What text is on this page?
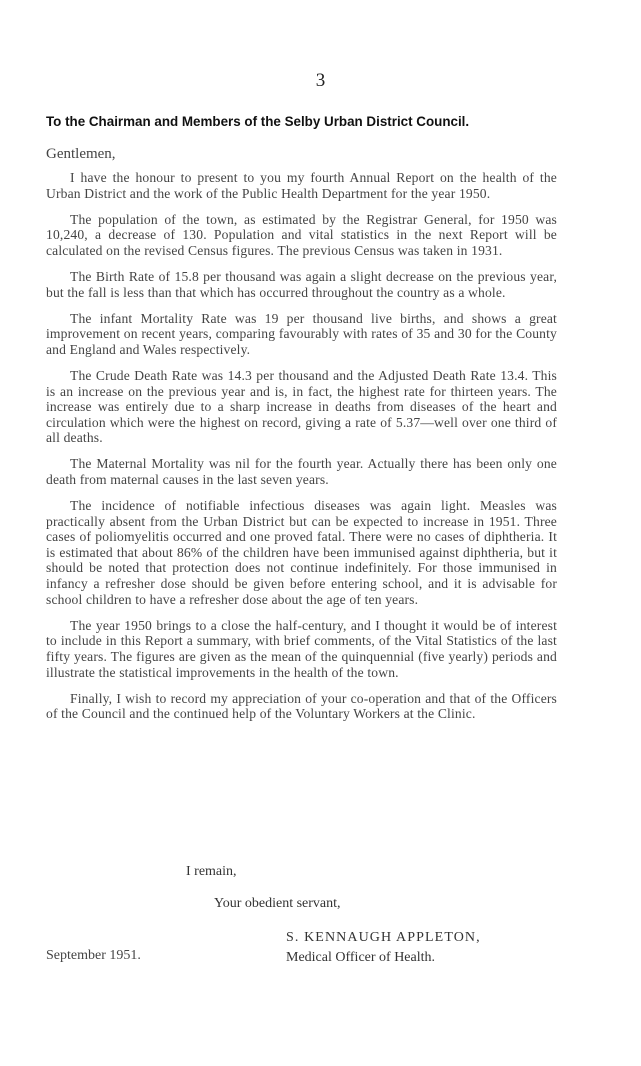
3
To the Chairman and Members of the Selby Urban District Council.
Gentlemen,

I have the honour to present to you my fourth Annual Report on the health of the Urban District and the work of the Public Health Department for the year 1950.

The population of the town, as estimated by the Registrar General, for 1950 was 10,240, a decrease of 130. Population and vital statistics in the next Report will be calculated on the revised Census figures. The previous Census was taken in 1931.

The Birth Rate of 15.8 per thousand was again a slight decrease on the previous year, but the fall is less than that which has occurred throughout the country as a whole.

The infant Mortality Rate was 19 per thousand live births, and shows a great improvement on recent years, comparing favourably with rates of 35 and 30 for the County and England and Wales respectively.

The Crude Death Rate was 14.3 per thousand and the Adjusted Death Rate 13.4. This is an increase on the previous year and is, in fact, the highest rate for thirteen years. The increase was entirely due to a sharp increase in deaths from diseases of the heart and circulation which were the highest on record, giving a rate of 5.37—well over one third of all deaths.

The Maternal Mortality was nil for the fourth year. Actually there has been only one death from maternal causes in the last seven years.

The incidence of notifiable infectious diseases was again light. Measles was practically absent from the Urban District but can be expected to increase in 1951. Three cases of poliomyelitis occurred and one proved fatal. There were no cases of diphtheria. It is estimated that about 86% of the children have been immunised against diphtheria, but it should be noted that protection does not continue indefinitely. For those immunised in infancy a refresher dose should be given before entering school, and it is advisable for school children to have a refresher dose about the age of ten years.

The year 1950 brings to a close the half-century, and I thought it would be of interest to include in this Report a summary, with brief comments, of the Vital Statistics of the last fifty years. The figures are given as the mean of the quinquennial (five yearly) periods and illustrate the statistical improvements in the health of the town.

Finally, I wish to record my appreciation of your co-operation and that of the Officers of the Council and the continued help of the Voluntary Workers at the Clinic.

I remain,
Your obedient servant,
S. KENNAUGH APPLETON,
Medical Officer of Health.
September 1951.
